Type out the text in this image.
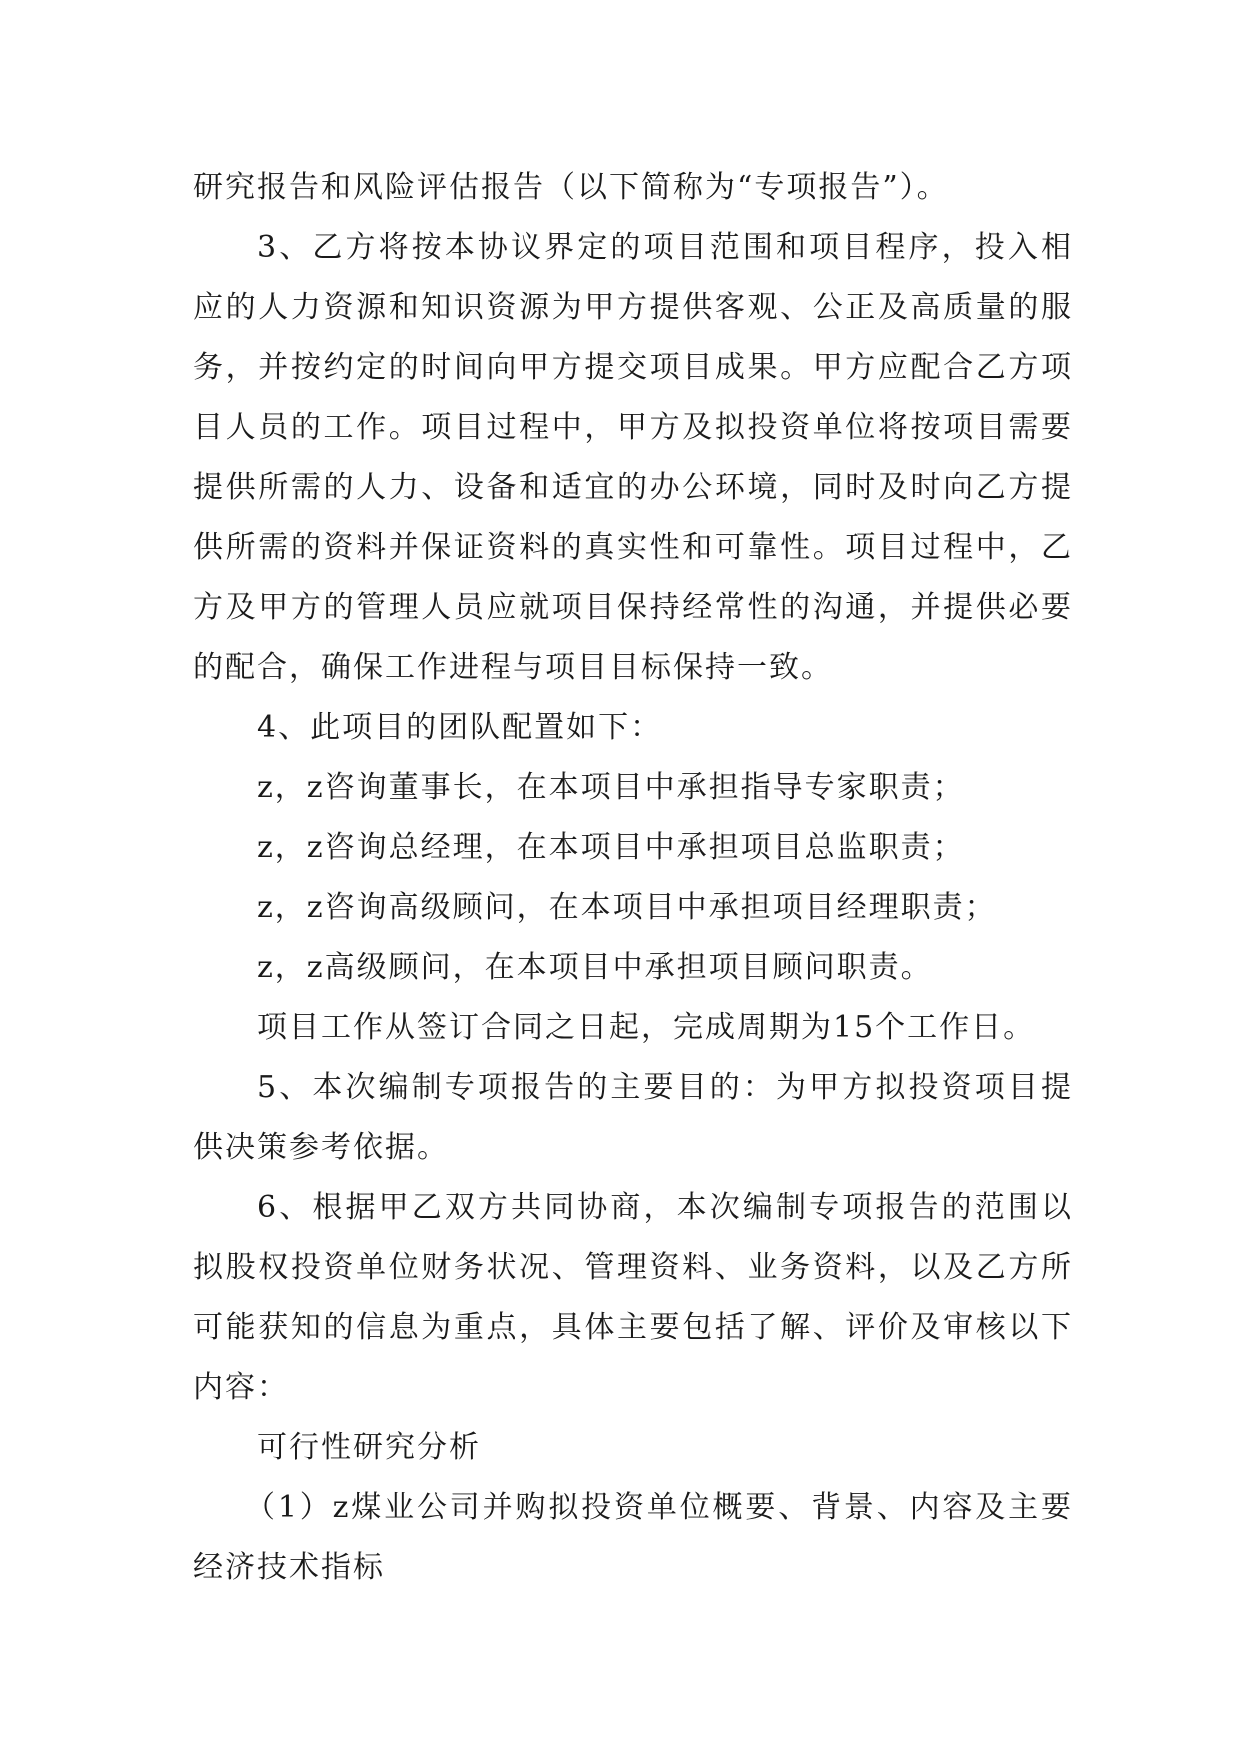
研究报告和风险评估报告（以下简称为“专项报告”）。

3、乙方将按本协议界定的项目范围和项目程序，投入相应的人力资源和知识资源为甲方提供客观、公正及高质量的服务，并按约定的时间向甲方提交项目成果。甲方应配合乙方项目人员的工作。项目过程中，甲方及拟投资单位将按项目需要提供所需的人力、设备和适宜的办公环境，同时及时向乙方提供所需的资料并保证资料的真实性和可靠性。项目过程中，乙方及甲方的管理人员应就项目保持经常性的沟通，并提供必要的配合，确保工作进程与项目目标保持一致。

4、此项目的团队配置如下：

z，z咨询董事长，在本项目中承担指导专家职责；

z，z咨询总经理，在本项目中承担项目总监职责；

z，z咨询高级顾问，在本项目中承担项目经理职责；

z，z高级顾问，在本项目中承担项目顾问职责。

项目工作从签订合同之日起，完成周期为15个工作日。

5、本次编制专项报告的主要目的：为甲方拟投资项目提供决策参考依据。

6、根据甲乙双方共同协商，本次编制专项报告的范围以拟股权投资单位财务状况、管理资料、业务资料，以及乙方所可能获知的信息为重点，具体主要包括了解、评价及审核以下内容：

可行性研究分析

（1）z煤业公司并购拟投资单位概要、背景、内容及主要经济技术指标
